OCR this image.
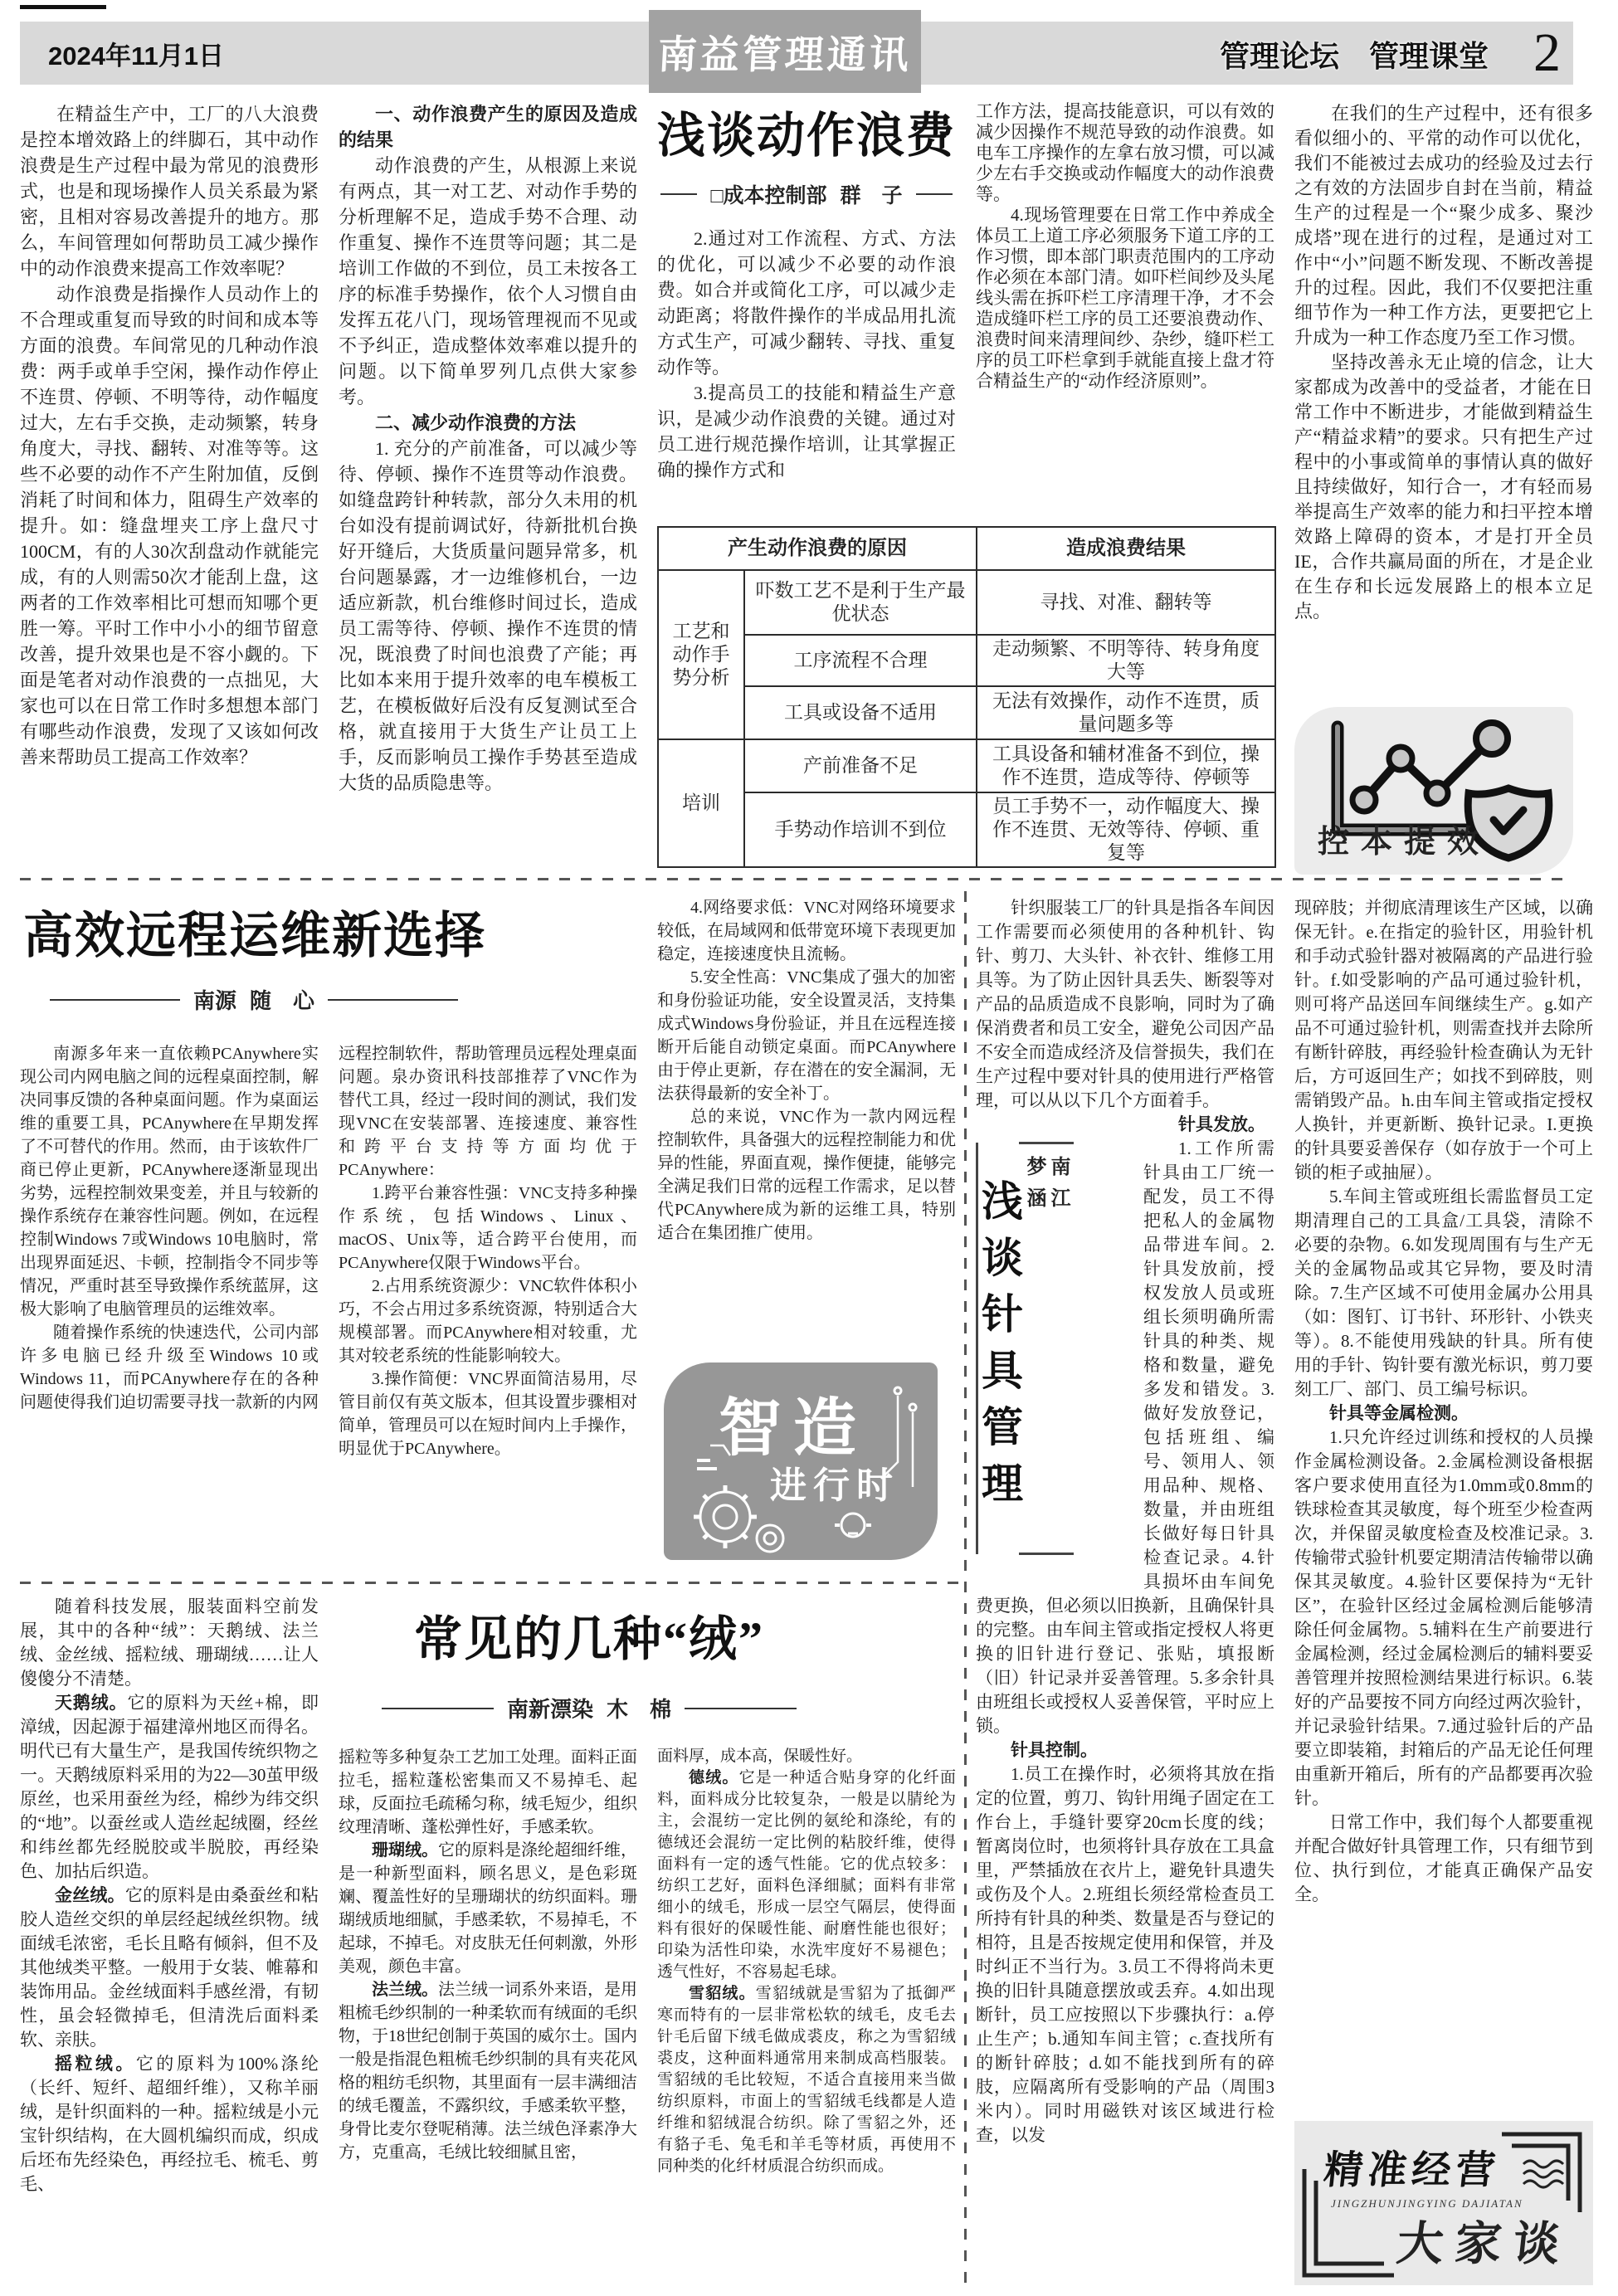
2024年11月1日	南益管理通讯	管理论坛 管理课堂 2

在精益生产中，工厂的八大浪费是控本增效路上的绊脚石，其中动作浪费是生产过程中最为常见的浪费形式，也是和现场操作人员关系最为紧密，且相对容易改善提升的地方。那么，车间管理如何帮助员工减少操作中的动作浪费来提高工作效率呢？

动作浪费是指操作人员动作上的不合理或重复而导致的时间和成本等方面的浪费。车间常见的几种动作浪费：两手或单手空闲，操作动作停止不连贯、停顿、不明等待，动作幅度过大，左右手交换，走动频繁，转身角度大，寻找、翻转、对准等等。这些不必要的动作不产生附加值，反倒消耗了时间和体力，阻碍生产效率的提升。如：缝盘埋夹工序上盘尺寸100CM，有的人30次刮盘动作就能完成，有的人则需50次才能刮上盘，这两者的工作效率相比可想而知哪个更胜一筹。平时工作中小小的细节留意改善，提升效果也是不容小觑的。下面是笔者对动作浪费的一点拙见，大家也可以在日常工作时多想想本部门有哪些动作浪费，发现了又该如何改善来帮助员工提高工作效率？

一、动作浪费产生的原因及造成的结果

动作浪费的产生，从根源上来说有两点，其一对工艺、对动作手势的分析理解不足，造成手势不合理、动作重复、操作不连贯等问题；其二是培训工作做的不到位，员工未按各工序的标准手势操作，依个人习惯自由发挥五花八门，现场管理视而不见或不予纠正，造成整体效率难以提升的问题。以下简单罗列几点供大家参考。

二、减少动作浪费的方法

1. 充分的产前准备，可以减少等待、停顿、操作不连贯等动作浪费。如缝盘跨针种转款，部分久未用的机台如没有提前调试好，待新批机台换好开缝后，大货质量问题异常多，机台问题暴露，才一边维修机台，一边适应新款，机台维修时间过长，造成员工需等待、停顿、操作不连贯的情况，既浪费了时间也浪费了产能；再比如本来用于提升效率的电车模板工艺，在模板做好后没有反复测试至合格，就直接用于大货生产让员工上手，反而影响员工操作手势甚至造成大货的品质隐患等。

浅谈动作浪费
□成本控制部 群　子

2.通过对工作流程、方式、方法的优化，可以减少不必要的动作浪费。如合并或简化工序，可以减少走动距离；将散件操作的半成品用扎流方式生产，可减少翻转、寻找、重复动作等。

3.提高员工的技能和精益生产意识，是减少动作浪费的关键。通过对员工进行规范操作培训，让其掌握正确的操作方式和

工作方法，提高技能意识，可以有效的减少因操作不规范导致的动作浪费。如电车工序操作的左拿右放习惯，可以减少左右手交换或动作幅度大的动作浪费等。

4.现场管理要在日常工作中养成全体员工上道工序必须服务下道工序的工作习惯，即本部门职责范围内的工序动作必须在本部门清。如吓栏间纱及头尾线头需在拆吓栏工序清理干净，才不会造成缝吓栏工序的员工还要浪费动作、浪费时间来清理间纱、杂纱，缝吓栏工序的员工吓栏拿到手就能直接上盘才符合精益生产的“动作经济原则”。

在我们的生产过程中，还有很多看似细小的、平常的动作可以优化，我们不能被过去成功的经验及过去行之有效的方法固步自封在当前，精益生产的过程是一个“聚少成多、聚沙成塔”现在进行的过程，是通过对工作中“小”问题不断发现、不断改善提升的过程。因此，我们不仅要把注重细节作为一种工作方法，更要把它上升成为一种工作态度乃至工作习惯。

坚持改善永无止境的信念，让大家都成为改善中的受益者，才能在日常工作中不断进步，才能做到精益生产“精益求精”的要求。只有把生产过程中的小事或简单的事情认真的做好且持续做好，知行合一，才有轻而易举提高生产效率的能力和扫平控本增效路上障碍的资本，才是打开全员IE，合作共赢局面的所在，才是企业在生存和长远发展路上的根本立足点。

产生动作浪费的原因		造成浪费结果
工艺和动作手势分析	吓数工艺不是利于生产最优状态	寻找、对准、翻转等
	工序流程不合理	走动频繁、不明等待、转身角度大等
	工具或设备不适用	无法有效操作，动作不连贯，质量问题多等
培训	产前准备不足	工具设备和辅材准备不到位，操作不连贯，造成等待、停顿等
	手势动作培训不到位	员工手势不一，动作幅度大、操作不连贯、无效等待、停顿、重复等	控本提效
高效远程运维新选择
南源 随　心

南源多年来一直依赖PCAnywhere实现公司内网电脑之间的远程桌面控制，解决同事反馈的各种桌面问题。作为桌面运维的重要工具，PCAnywhere在早期发挥了不可替代的作用。然而，由于该软件厂商已停止更新，PCAnywhere逐渐显现出劣势，远程控制效果变差，并且与较新的操作系统存在兼容性问题。例如，在远程控制Windows 7或Windows 10电脑时，常出现界面延迟、卡顿，控制指令不同步等情况，严重时甚至导致操作系统蓝屏，这极大影响了电脑管理员的运维效率。

随着操作系统的快速迭代，公司内部许多电脑已经升级至Windows 10或Windows 11，而PCAnywhere存在的各种问题使得我们迫切需要寻找一款新的内网

远程控制软件，帮助管理员远程处理桌面问题。泉办资讯科技部推荐了VNC作为替代工具，经过一段时间的测试，我们发现VNC在安装部署、连接速度、兼容性和跨平台支持等方面均优于PCAnywhere：

1.跨平台兼容性强：VNC支持多种操作系统，包括Windows、Linux、macOS、Unix等，适合跨平台使用，而PCAnywhere仅限于Windows平台。

2.占用系统资源少：VNC软件体积小巧，不会占用过多系统资源，特别适合大规模部署。而PCAnywhere相对较重，尤其对较老系统的性能影响较大。

3.操作简便：VNC界面简洁易用，尽管目前仅有英文版本，但其设置步骤相对简单，管理员可以在短时间内上手操作，明显优于PCAnywhere。

4.网络要求低：VNC对网络环境要求较低，在局域网和低带宽环境下表现更加稳定，连接速度快且流畅。

5.安全性高：VNC集成了强大的加密和身份验证功能，安全设置灵活，支持集成式Windows身份验证，并且在远程连接断开后能自动锁定桌面。而PCAnywhere由于停止更新，存在潜在的安全漏洞，无法获得最新的安全补丁。

总的来说，VNC作为一款内网远程控制软件，具备强大的远程控制能力和优异的性能，界面直观，操作便捷，能够完全满足我们日常的远程工作需求，足以替代PCAnywhere成为新的运维工具，特别适合在集团推广使用。

智造
进行时

针织服装工厂的针具是指各车间因工作需要而必须使用的各种机针、钩针、剪刀、大头针、补衣针、维修工用具等。为了防止因针具丢失、断裂等对产品的品质造成不良影响，同时为了确保消费者和员工安全，避免公司因产品不安全而造成经济及信誉损失，我们在生产过程中要对针具的使用进行严格管理，可以从以下几个方面着手。

浅谈针具管理 南江
梦涵

针具发放。

1.工作所需针具由工厂统一配发，员工不得把私人的金属物品带进车间。2.针具发放前，授权发放人员或班组长须明确所需针具的种类、规格和数量，避免多发和错发。3.做好发放登记，包括班组、编号、领用人、领用品种、规格、数量，并由班组长做好每日针具检查记录。4.针具损坏由车间免费更换，但必须以旧换新，且确保针具的完整。由车间主管或指定授权人将更换的旧针进行登记、张贴，填报断（旧）针记录并妥善管理。5.多余针具由班组长或授权人妥善保管，平时应上锁。

针具控制。

1.员工在操作时，必须将其放在指定的位置，剪刀、钩针用绳子固定在工作台上，手缝针要穿20cm长度的线；暂离岗位时，也须将针具存放在工具盒里，严禁插放在衣片上，避免针具遗失或伤及个人。2.班组长须经常检查员工所持有针具的种类、数量是否与登记的相符，且是否按规定使用和保管，并及时纠正不当行为。3.员工不得将尚未更换的旧针具随意摆放或丢弃。4.如出现断针，员工应按照以下步骤执行：a.停止生产；b.通知车间主管；c.查找所有的断针碎肢；d.如不能找到所有的碎肢，应隔离所有受影响的产品（周围3米内）。同时用磁铁对该区域进行检查，以发

现碎肢；并彻底清理该生产区域，以确保无针。e.在指定的验针区，用验针机和手动式验针器对被隔离的产品进行验针。f.如受影响的产品可通过验针机，则可将产品送回车间继续生产。g.如产品不可通过验针机，则需查找并去除所有断针碎肢，再经验针检查确认为无针后，方可返回生产；如找不到碎肢，则需销毁产品。h.由车间主管或指定授权人换针，并更新断、换针记录。I.更换的针具要妥善保存（如存放于一个可上锁的柜子或抽屉）。

5.车间主管或班组长需监督员工定期清理自己的工具盒/工具袋，清除不必要的杂物。6.如发现周围有与生产无关的金属物品或其它异物，要及时清除。7.生产区域不可使用金属办公用具（如：图钉、订书针、环形针、小铁夹等）。8.不能使用残缺的针具。所有使用的手针、钩针要有激光标识，剪刀要刻工厂、部门、员工编号标识。

针具等金属检测。

1.只允许经过训练和授权的人员操作金属检测设备。2.金属检测设备根据客户要求使用直径为1.0mm或0.8mm的铁球检查其灵敏度，每个班至少检查两次，并保留灵敏度检查及校准记录。3.传输带式验针机要定期清洁传输带以确保其灵敏度。4.验针区要保持为“无针区”，在验针区经过金属检测后能够清除任何金属物。5.辅料在生产前要进行金属检测，经过金属检测后的辅料要妥善管理并按照检测结果进行标识。6.装好的产品要按不同方向经过两次验针，并记录验针结果。7.通过验针后的产品要立即装箱，封箱后的产品无论任何理由重新开箱后，所有的产品都要再次验针。

日常工作中，我们每个人都要重视并配合做好针具管理工作，只有细节到位、执行到位，才能真正确保产品安全。

随着科技发展，服装面料空前发展，其中的各种“绒”：天鹅绒、法兰绒、金丝绒、摇粒绒、珊瑚绒……让人傻傻分不清楚。

天鹅绒。它的原料为天丝+棉，即漳绒，因起源于福建漳州地区而得名。明代已有大量生产，是我国传统织物之一。天鹅绒原料采用的为22—30茧甲级原丝，也采用蚕丝为经，棉纱为纬交织的“地”。以蚕丝或人造丝起绒圈，经丝和纬丝都先经脱胶或半脱胶，再经染色、加拈后织造。

金丝绒。它的原料是由桑蚕丝和粘胶人造丝交织的单层经起绒丝织物。绒面绒毛浓密，毛长且略有倾斜，但不及其他绒类平整。一般用于女装、帷幕和装饰用品。金丝绒面料手感丝滑，有韧性，虽会轻微掉毛，但清洗后面料柔软、亲肤。

摇粒绒。它的原料为100%涤纶（长纤、短纤、超细纤维），又称羊丽绒，是针织面料的一种。摇粒绒是小元宝针织结构，在大圆机编织而成，织成后坯布先经染色，再经拉毛、梳毛、剪毛、

常见的几种“绒”
南新漂染 木　棉

摇粒等多种复杂工艺加工处理。面料正面拉毛，摇粒蓬松密集而又不易掉毛、起球，反面拉毛疏稀匀称，绒毛短少，组织纹理清晰、蓬松弹性好，手感柔软。

珊瑚绒。它的原料是涤纶超细纤维，是一种新型面料，顾名思义，是色彩斑斓、覆盖性好的呈珊瑚状的纺织面料。珊瑚绒质地细腻，手感柔软，不易掉毛，不起球，不掉毛。对皮肤无任何刺激，外形美观，颜色丰富。

法兰绒。法兰绒一词系外来语，是用粗梳毛纱织制的一种柔软而有绒面的毛织物，于18世纪创制于英国的威尔士。国内一般是指混色粗梳毛纱织制的具有夹花风格的粗纺毛织物，其里面有一层丰满细洁的绒毛覆盖，不露织纹，手感柔软平整，身骨比麦尔登呢稍薄。法兰绒色泽素净大方，克重高，毛绒比较细腻且密，

面料厚，成本高，保暖性好。

德绒。它是一种适合贴身穿的化纤面料，面料成分比较复杂，一般是以腈纶为主，会混纺一定比例的氨纶和涤纶，有的德绒还会混纺一定比例的粘胶纤维，使得面料有一定的透气性能。它的优点较多：纺织工艺好，面料色泽细腻；面料有非常细小的绒毛，形成一层空气隔层，使得面料有很好的保暖性能、耐磨性能也很好；印染为活性印染，水洗牢度好不易褪色；透气性好，不容易起毛球。

雪貂绒。雪貂绒就是雪貂为了抵御严寒而特有的一层非常松软的绒毛，皮毛去针毛后留下绒毛做成裘皮，称之为雪貂绒裘皮，这种面料通常用来制成高档服装。雪貂绒的毛比较短，不适合直接用来当做纺织原料，市面上的雪貂绒毛线都是人造纤维和貂绒混合纺织。除了雪貂之外，还有貉子毛、兔毛和羊毛等材质，再使用不同种类的化纤材质混合纺织而成。	精准经营
JINGZHUNJINGYING DAJIATAN
大家谈
